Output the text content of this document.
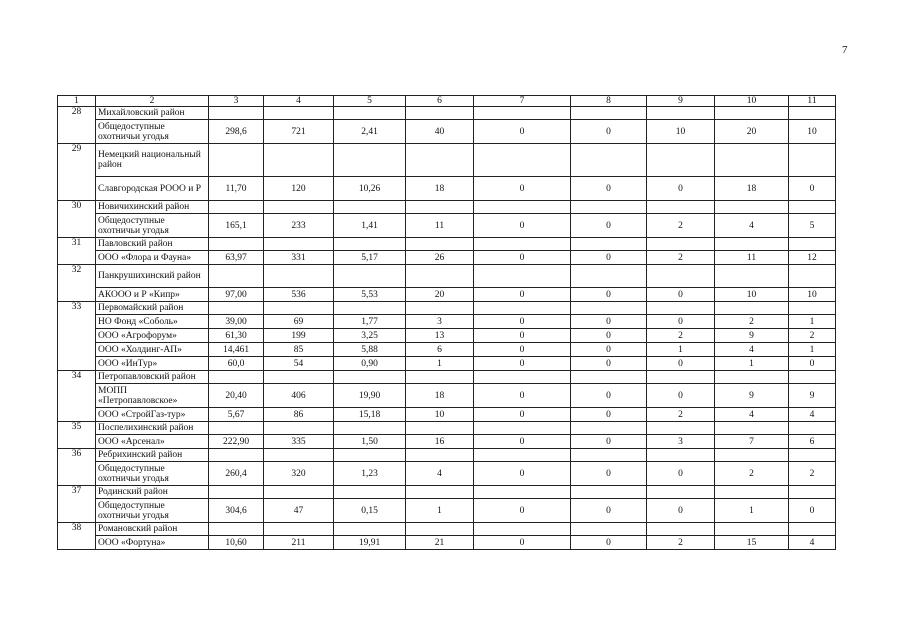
7
1	2	3	4	5	6	7	8	9	10	11
28	Михайловский район									
	Общедоступные охотничьи угодья	298,6	721	2,41	40	0	0	10	20	10
29	Немецкий национальный район									
	Славгородская РООО и Р	11,70	120	10,26	18	0	0	0	18	0
30	Новичихинский район									
	Общедоступные охотничьи угодья	165,1	233	1,41	11	0	0	2	4	5
31	Павловский район									
	ООО «Флора и Фауна»	63,97	331	5,17	26	0	0	2	11	12
32	Панкрушихинский район									
	АКООО и Р «Кипр»	97,00	536	5,53	20	0	0	0	10	10
33	Первомайский район									
	НО Фонд «Соболь»	39,00	69	1,77	3	0	0	0	2	1
	ООО «Агрофорум»	61,30	199	3,25	13	0	0	2	9	2
	ООО «Холдинг-АП»	14,461	85	5,88	6	0	0	1	4	1
	ООО «ИнТур»	60,0	54	0,90	1	0	0	0	1	0
34	Петропавловский район									
	МОПП «Петропавловское»	20,40	406	19,90	18	0	0	0	9	9
	ООО «СтройГаз-тур»	5,67	86	15,18	10	0	0	2	4	4
35	Поспелихинский район									
	ООО «Арсенал»	222,90	335	1,50	16	0	0	3	7	6
36	Ребрихинский район									
	Общедоступные охотничьи угодья	260,4	320	1,23	4	0	0	0	2	2
37	Родинский район									
	Общедоступные охотничьи угодья	304,6	47	0,15	1	0	0	0	1	0
38	Романовский район									
	ООО «Фортуна»	10,60	211	19,91	21	0	0	2	15	4
